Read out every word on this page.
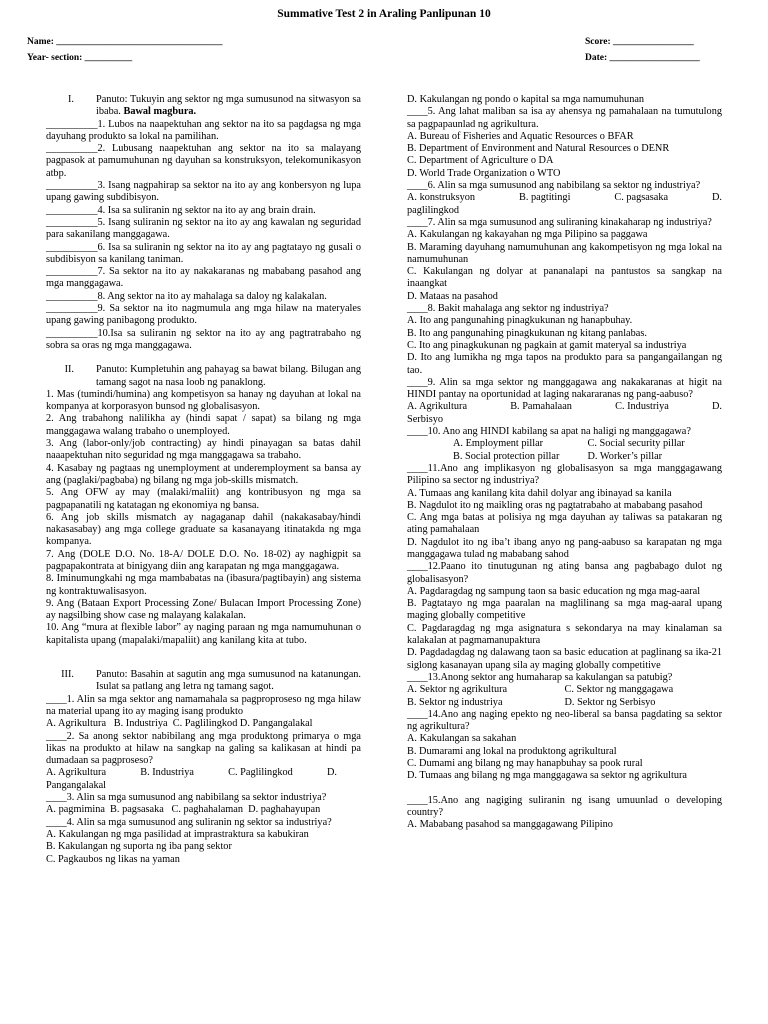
Summative Test 2 in Araling Panlipunan 10
Name: ___________________________________
Year- section: __________
Score: _________________
Date: ___________________
I.	Panuto: Tukuyin ang sektor ng mga sumusunod na sitwasyon sa ibaba. Bawal magbura.

__________1. Lubos na naapektuhan ang sektor na ito sa pagdagsa ng mga dayuhang produkto sa lokal na pamilihan.

__________2. Lubusang naapektuhan ang sektor na ito sa malayang pagpasok at pamumuhunan ng dayuhan sa konstruksyon, telekomunikasyon atbp.

__________3. Isang nagpahirap sa sektor na ito ay ang konbersyon ng lupa upang gawing subdibisyon.

__________4. Isa sa suliranin ng sektor na ito ay ang brain drain.

__________5. Isang suliranin ng sektor na ito ay ang kawalan ng seguridad para sakanilang manggagawa.

__________6. Isa sa suliranin ng sektor na ito ay ang pagtatayo ng gusali o subdibisyon sa kanilang taniman.

__________7. Sa sektor na ito ay nakakaranas ng mababang pasahod ang mga manggagawa.

__________8. Ang sektor na ito ay mahalaga sa daloy ng kalakalan.

__________9. Sa sektor na ito nagmumula ang mga hilaw na materyales upang gawing panibagong produkto.

__________10.Isa sa suliranin ng sektor na ito ay ang pagtratrabaho ng sobra sa oras ng mga manggagawa.

II.	Panuto: Kumpletuhin ang pahayag sa bawat bilang. Bilugan ang tamang sagot na nasa loob ng panaklong.

1. Mas (tumindi/humina) ang kompetisyon sa hanay ng dayuhan at lokal na kompanya at korporasyon bunsod ng globalisasyon.

2. Ang trabahong nalilikha ay (hindi sapat / sapat) sa bilang ng mga manggagawa walang trabaho o unemployed.

3. Ang (labor-only/job contracting) ay hindi pinayagan sa batas dahil naaapektuhan nito seguridad ng mga manggagawa sa trabaho.

4. Kasabay ng pagtaas ng unemployment at underemployment sa bansa ay ang (paglaki/pagbaba) ng bilang ng mga job-skills mismatch.

5. Ang OFW ay may (malaki/maliit) ang kontribusyon ng mga sa pagpapanatili ng katatagan ng ekonomiya ng bansa.

6. Ang job skills mismatch ay nagaganap dahil (nakakasabay/hindi nakasasabay) ang mga college graduate sa kasanayang itinatakda ng mga kompanya.

7. Ang (DOLE D.O. No. 18-A/ DOLE D.O. No. 18-02) ay naghigpit sa pagpapakontrata at binigyang diin ang karapatan ng mga manggagawa.

8. Iminumungkahi ng mga mambabatas na (ibasura/pagtibayin) ang sistema ng kontraktuwalisasyon.

9. Ang (Bataan Export Processing Zone/ Bulacan Import Processing Zone) ay nagsilbing show case ng malayang kalakalan.

10. Ang “mura at flexible labor” ay naging paraan ng mga namumuhunan o kapitalista upang (mapalaki/mapaliit) ang kanilang kita at tubo.

III.	Panuto: Basahin at sagutin ang mga sumusunod na katanungan. Isulat sa patlang ang letra ng tamang sagot.

____1. Alin sa mga sektor ang namamahala sa pagproproseso ng mga hilaw na material upang ito ay maging isang produkto

A. Agrikultura   B. Industriya  C. Paglilingkod D. Pangangalakal

____2. Sa anong sektor nabibilang ang mga produktong primarya o mga likas na produkto at hilaw na sangkap na galing sa kalikasan at hindi pa dumadaan sa pagproseso?

A. Agrikultura	B. Industriya	C. Paglilingkod	D.

Pangangalakal

____3. Alin sa mga sumusunod ang nabibilang sa sektor industriya?

A. pagmimina  B. pagsasaka   C. paghahalaman  D. paghahayupan

____4. Alin sa mga sumusunod ang suliranin ng sektor sa industriya?

A. Kakulangan ng mga pasilidad at imprastraktura sa kabukiran

B. Kakulangan ng suporta ng iba pang sektor

C. Pagkaubos ng likas na yaman

D. Kakulangan ng pondo o kapital sa mga namumuhunan

____5. Ang lahat maliban sa isa ay ahensya ng pamahalaan na tumutulong sa pagpapaunlad ng agrikultura.

A. Bureau of Fisheries and Aquatic Resources o BFAR

B. Department of Environment and Natural Resources o DENR

C. Department of Agriculture o DA

D. World Trade Organization o WTO

____6. Alin sa mga sumusunod ang nabibilang sa sektor ng industriya?

A. konstruksyon	B. pagtitingi	C. pagsasaka	D.

paglilingkod

____7. Alin sa mga sumusunod ang suliraning kinakaharap ng industriya?

A. Kakulangan ng kakayahan ng mga Pilipino sa paggawa

B. Maraming dayuhang namumuhunan ang kakompetisyon ng mga lokal na namumuhunan

C. Kakulangan ng dolyar at pananalapi na pantustos sa sangkap na inaangkat

D. Mataas na pasahod

____8. Bakit mahalaga ang sektor ng industriya?

A. Ito ang pangunahing pinagkukunan ng hanapbuhay.

B. Ito ang pangunahing pinagkukunan ng kitang panlabas.

C. Ito ang pinagkukunan ng pagkain at gamit materyal sa industriya

D. Ito ang lumikha ng mga tapos na produkto para sa pangangailangan ng tao.

____9. Alin sa mga sektor ng manggagawa ang nakakaranas at higit na HINDI pantay na oportunidad at laging nakararanas ng pang-aabuso?

A. Agrikultura	B. Pamahalaan	C. Industriya	D.

Serbisyo

____10. Ano ang HINDI kabilang sa apat na haligi ng manggagawa?

A. Employment pillar	C. Social security pillar
B. Social protection pillar	D. Worker’s pillar

____11.Ano ang implikasyon ng globalisasyon sa mga manggagawang Pilipino sa sector ng industriya?

A. Tumaas ang kanilang kita dahil dolyar ang ibinayad sa kanila

B. Nagdulot ito ng maikling oras ng pagtatrabaho at mababang pasahod

C. Ang mga batas at polisiya ng mga dayuhan ay taliwas sa patakaran ng ating pamahalaan

D. Nagdulot ito ng iba’t ibang anyo ng pang-aabuso sa karapatan ng mga manggagawa tulad ng mababang sahod

____12.Paano ito tinutugunan ng ating bansa ang pagbabago dulot ng globalisasyon?

A. Pagdaragdag ng sampung taon sa basic education ng mga mag-aaral

B. Pagtatayo ng mga paaralan na maglilinang sa mga mag-aaral upang maging globally competitive

C. Pagdaragdag ng mga asignatura s sekondarya na may kinalaman sa kalakalan at pagmamanupaktura

D. Pagdadagdag ng dalawang taon sa basic education at paglinang sa ika-21 siglong kasanayan upang sila ay maging globally competitive

____13.Anong sektor ang humaharap sa kakulangan sa patubig?

A. Sektor ng agrikultura	C. Sektor ng manggagawa
B. Sektor ng industriya	D. Sektor ng Serbisyo

____14.Ano ang naging epekto ng neo-liberal sa bansa pagdating sa sektor ng agrikultura?

A. Kakulangan sa sakahan

B. Dumarami ang lokal na produktong agrikultural

C. Dumami ang bilang ng may hanapbuhay sa pook rural

D. Tumaas ang bilang ng mga manggagawa sa sektor ng agrikultura

____15.Ano ang nagiging suliranin ng isang umuunlad o developing country?

A. Mababang pasahod sa manggagawang Pilipino
